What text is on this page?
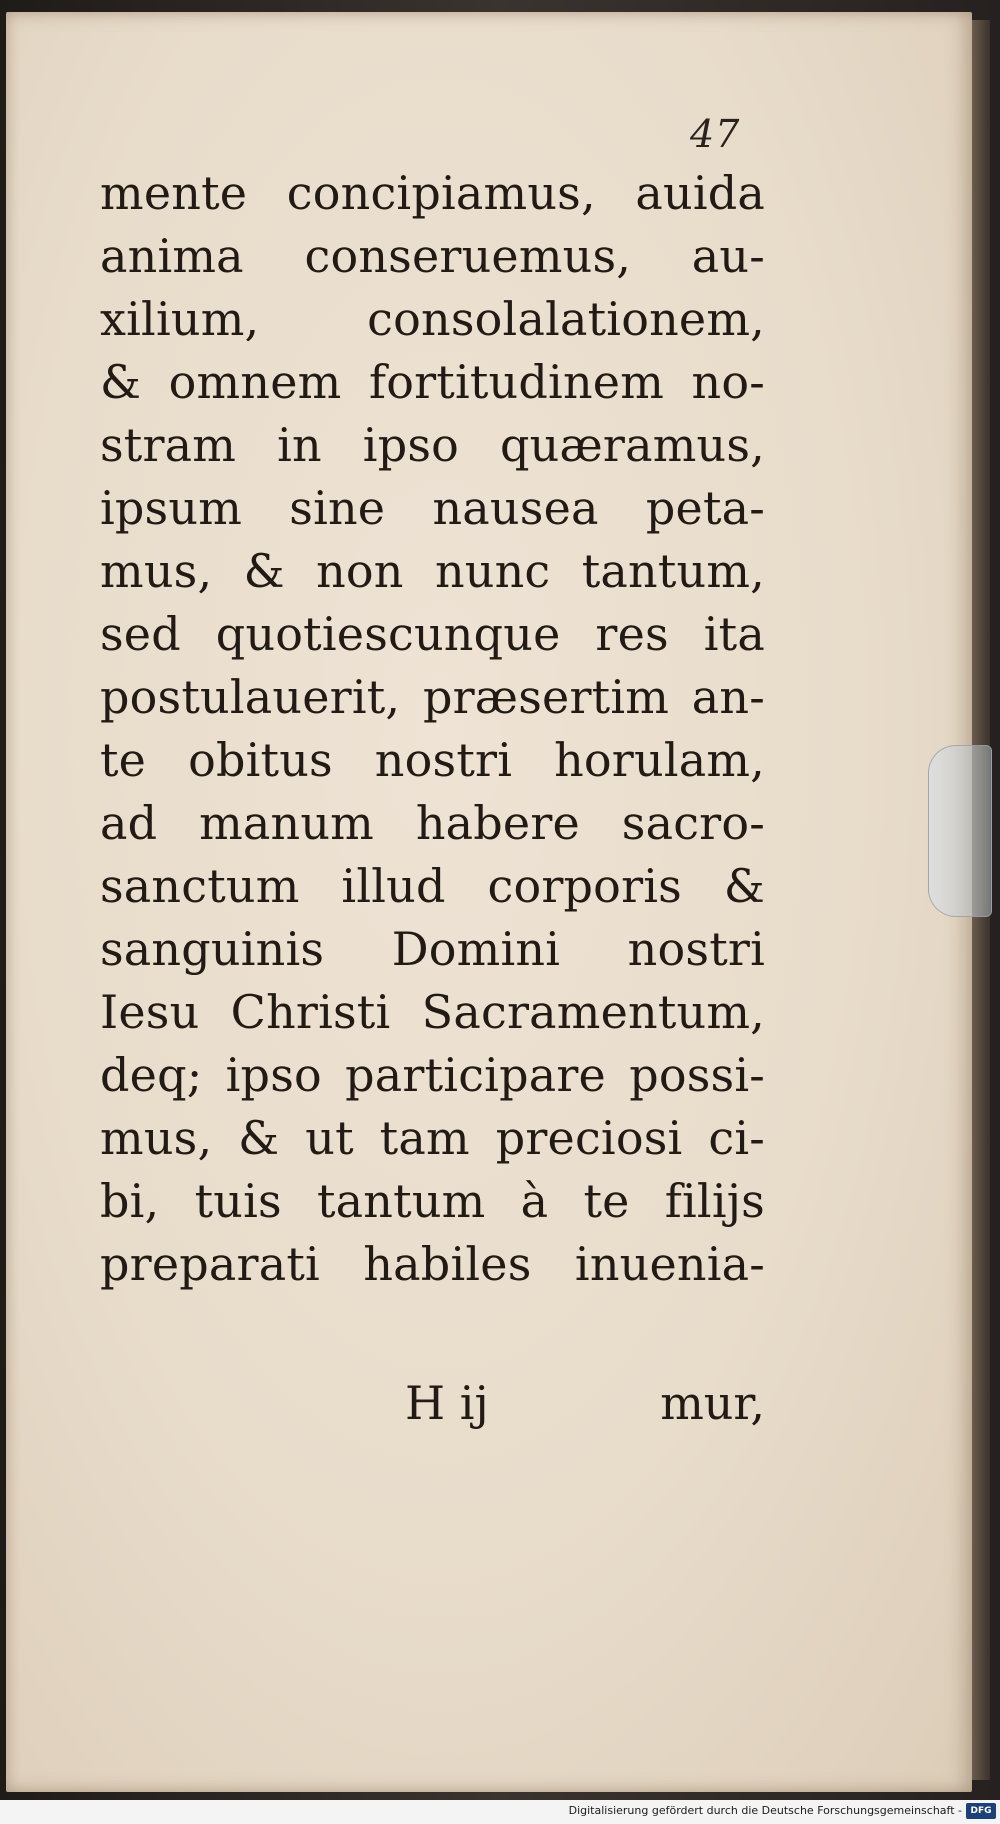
47
mente concipiamus, auida
anima conseruemus, au-
xilium, consolalationem,
& omnem fortitudinem no-
stram in ipso quæramus,
ipsum sine nausea peta-
mus, & non nunc tantum,
sed quotiescunque res ita
postulauerit, præsertim an-
te obitus nostri horulam,
ad manum habere sacro-
sanctum illud corporis &
sanguinis Domini nostri
Iesu Christi Sacramentum,
deq; ipso participare possi-
mus, & ut tam preciosi ci-
bi, tuis tantum à te filijs
preparati habiles inuenia-
H ij	mur,
Digitalisierung gefördert durch die Deutsche Forschungsgemeinschaft - DFG
